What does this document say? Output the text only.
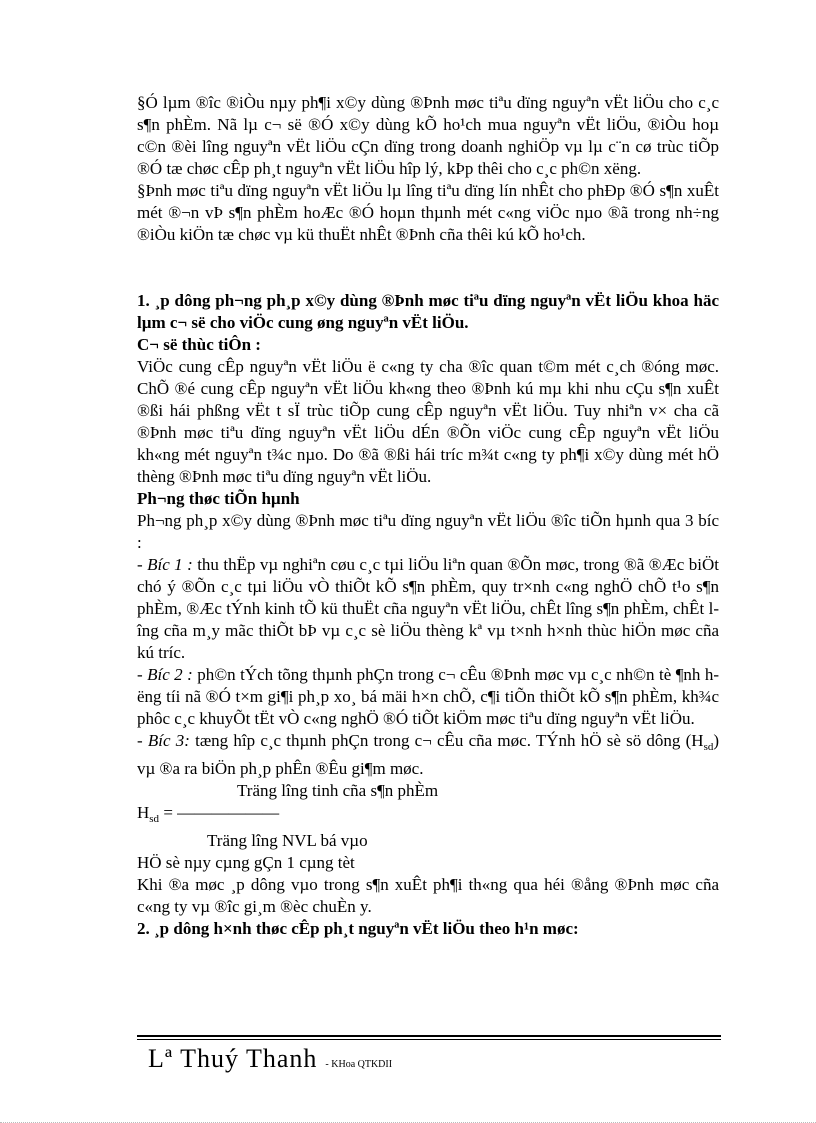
§Ó lµm ®îc ®iÒu nµy ph¶i x©y dùng ®Þnh møc tiªu dïng nguyªn vËt liÖu cho c¸c s¶n phÈm. Nã lµ c¬ së ®Ó x©y dùng kÕ ho¹ch mua nguyªn vËt liÖu, ®iÒu hoµ c©n ®èi lîng nguyªn vËt liÖu cÇn dïng trong doanh nghiÖp vµ lµ c¨n cø trùc tiÕp ®Ó tæ chøc cÊp ph¸t nguyªn vËt liÖu hîp lý, kÞp thêi cho c¸c ph©n xëng.

§Þnh møc tiªu dïng nguyªn vËt liÖu lµ lîng tiªu dïng lín nhÊt cho phÐp ®Ó s¶n xuÊt mét ®¬n vÞ s¶n phÈm hoÆc ®Ó hoµn thµnh mét c«ng viÖc nµo ®ã trong nh÷ng ®iÒu kiÖn tæ chøc vµ kü thuËt nhÊt ®Þnh cña thêi kú kÕ ho¹ch.

1. ¸p dông ph¬ng ph¸p x©y dùng ®Þnh møc tiªu dïng nguyªn vËt liÖu khoa häc lµm c¬ së cho viÖc cung øng nguyªn vËt liÖu.

C¬ së thùc tiÔn :

ViÖc cung cÊp nguyªn vËt liÖu ë c«ng ty cha ®îc quan t©m mét c¸ch ®óng møc. ChÕ ®é cung cÊp nguyªn vËt liÖu kh«ng theo ®Þnh kú mµ khi nhu cÇu s¶n xuÊt ®ßi hái phßng vËt t sÏ trùc tiÕp cung cÊp nguyªn vËt liÖu. Tuy nhiªn v× cha cã ®Þnh møc tiªu dïng nguyªn vËt liÖu dÉn ®Õn viÖc cung cÊp nguyªn vËt liÖu kh«ng mét nguyªn t¾c nµo. Do ®ã ®ßi hái tríc m¾t c«ng ty ph¶i x©y dùng mét hÖ thèng ®Þnh møc tiªu dïng nguyªn vËt liÖu.

Ph¬ng thøc tiÕn hµnh

Ph¬ng ph¸p x©y dùng ®Þnh møc tiªu dïng nguyªn vËt liÖu ®îc tiÕn hµnh qua 3 bíc :

- Bíc 1 : thu thËp vµ nghiªn cøu c¸c tµi liÖu liªn quan ®Õn møc, trong ®ã ®Æc biÖt chó ý ®Õn c¸c tµi liÖu vÒ thiÕt kÕ s¶n phÈm, quy tr×nh c«ng nghÖ chÕ t¹o s¶n phÈm, ®Æc tÝnh kinh tÕ kü thuËt cña nguyªn vËt liÖu, chÊt lîng s¶n phÈm, chÊt lîng cña m¸y mãc thiÕt bÞ vµ c¸c sè liÖu thèng kª vµ t×nh h×nh thùc hiÖn møc cña kú tríc.

- Bíc 2 : ph©n tÝch tõng thµnh phÇn trong c¬ cÊu ®Þnh møc vµ c¸c nh©n tè ¶nh hëng tíi nã ®Ó t×m gi¶i ph¸p xo¸ bá mäi h×n chÕ, c¶i tiÕn thiÕt kÕ s¶n phÈm, kh¾c phôc c¸c khuyÕt tËt vÒ c«ng nghÖ ®Ó tiÕt kiÖm møc tiªu dïng nguyªn vËt liÖu.

- Bíc 3: tæng hîp c¸c thµnh phÇn trong c¬ cÊu cña møc. TÝnh hÖ sè sö dông $(H_{sd})$ vµ ®a ra biÖn ph¸p phÊn ®Êu gi¶m møc.

Träng lîng tinh cña s¶n phÈm

$H_{sd}$ = ——————

Träng lîng NVL bá vµo

HÖ sè nµy cµng gÇn 1 cµng tèt

Khi ®a møc ¸p dông vµo trong s¶n xuÊt ph¶i th«ng qua héi ®ång ®Þnh møc cña c«ng ty vµ ®îc gi¸m ®èc chuÈn y.

2. ¸p dông h×nh thøc cÊp ph¸t nguyªn vËt liÖu theo h¹n møc:

Lª Thuý Thanh - KHoa QTKDII
